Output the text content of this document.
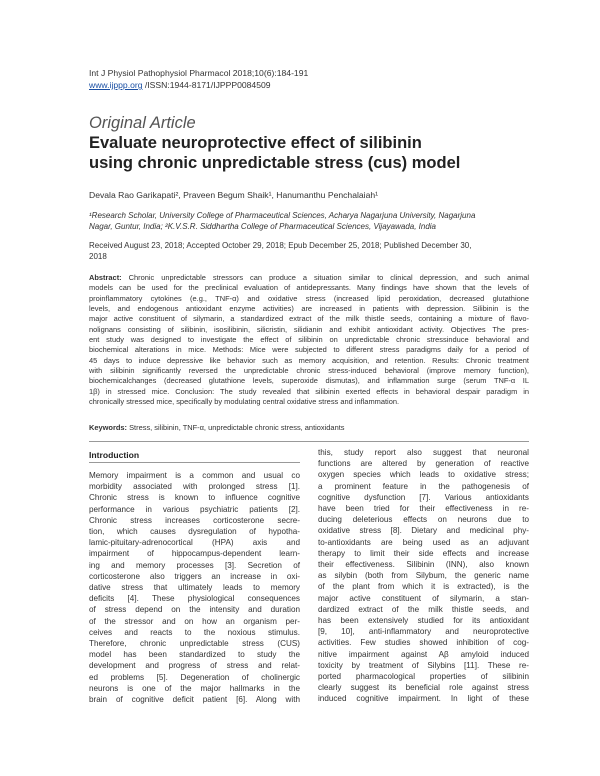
Int J Physiol Pathophysiol Pharmacol 2018;10(6):184-191
www.ijppp.org /ISSN:1944-8171/IJPPP0084509
Original Article
Evaluate neuroprotective effect of silibinin
using chronic unpredictable stress (cus) model
Devala Rao Garikapati², Praveen Begum Shaik¹, Hanumanthu Penchalaiah¹
¹Research Scholar, University College of Pharmaceutical Sciences, Acharya Nagarjuna University, Nagarjuna
Nagar, Guntur, India; ²K.V.S.R. Siddhartha College of Pharmaceutical Sciences, Vijayawada, India
Received August 23, 2018; Accepted October 29, 2018; Epub December 25, 2018; Published December 30,
2018
Abstract: Chronic unpredictable stressors can produce a situation similar to clinical depression, and such animal
models can be used for the preclinical evaluation of antidepressants. Many findings have shown that the levels of
proinflammatory cytokines (e.g., TNF-α) and oxidative stress (increased lipid peroxidation, decreased glutathione
levels, and endogenous antioxidant enzyme activities) are increased in patients with depression. Silibinin is the
major active constituent of silymarin, a standardized extract of the milk thistle seeds, containing a mixture of flavo-
nolignans consisting of silibinin, isosilibinin, silicristin, silidianin and exhibit antioxidant activity. Objectives The pres-
ent study was designed to investigate the effect of silibinin on unpredictable chronic stressinduce behavioral and
biochemical alterations in mice. Methods: Mice were subjected to different stress paradigms daily for a period of
45 days to induce depressive like behavior such as memory acquisition, and retention. Results: Chronic treatment
with silibinin significantly reversed the unpredictable chronic stress-induced behavioral (improve memory function),
biochemicalchanges (decreased glutathione levels, superoxide dismutas), and inflammation surge (serum TNF-α IL
1β) in stressed mice. Conclusion: The study revealed that silibinin exerted effects in behavioral despair paradigm in
chronically stressed mice, specifically by modulating central oxidative stress and inflammation.
Keywords: Stress, silibinin, TNF-α, unpredictable chronic stress, antioxidants
Introduction
Memory impairment is a common and usual co
morbidity associated with prolonged stress [1].
Chronic stress is known to influence cognitive
performance in various psychiatric patients [2].
Chronic stress increases corticosterone secre-
tion, which causes dysregulation of hypotha-
lamic-pituitary-adrenocortical (HPA) axis and
impairment of hippocampus-dependent learn-
ing and memory processes [3]. Secretion of
corticosterone also triggers an increase in oxi-
dative stress that ultimately leads to memory
deficits [4]. These physiological consequences
of stress depend on the intensity and duration
of the stressor and on how an organism per-
ceives and reacts to the noxious stimulus.
Therefore, chronic unpredictable stress (CUS)
model has been standardized to study the
development and progress of stress and relat-
ed problems [5]. Degeneration of cholinergic
neurons is one of the major hallmarks in the
brain of cognitive deficit patient [6]. Along with
this, study report also suggest that neuronal
functions are altered by generation of reactive
oxygen species which leads to oxidative stress;
a prominent feature in the pathogenesis of
cognitive dysfunction [7]. Various antioxidants
have been tried for their effectiveness in re-
ducing deleterious effects on neurons due to
oxidative stress [8]. Dietary and medicinal phy-
to-antioxidants are being used as an adjuvant
therapy to limit their side effects and increase
their effectiveness. Silibinin (INN), also known
as silybin (both from Silybum, the generic name
of the plant from which it is extracted), is the
major active constituent of silymarin, a stan-
dardized extract of the milk thistle seeds, and
has been extensively studied for its antioxidant
[9, 10], anti-inflammatory and neuroprotective
activities. Few studies showed inhibition of cog-
nitive impairment against Aβ amyloid induced
toxicity by treatment of Silybins [11]. These re-
ported pharmacological properties of silibinin
clearly suggest its beneficial role against stress
induced cognitive impairment. In light of these
